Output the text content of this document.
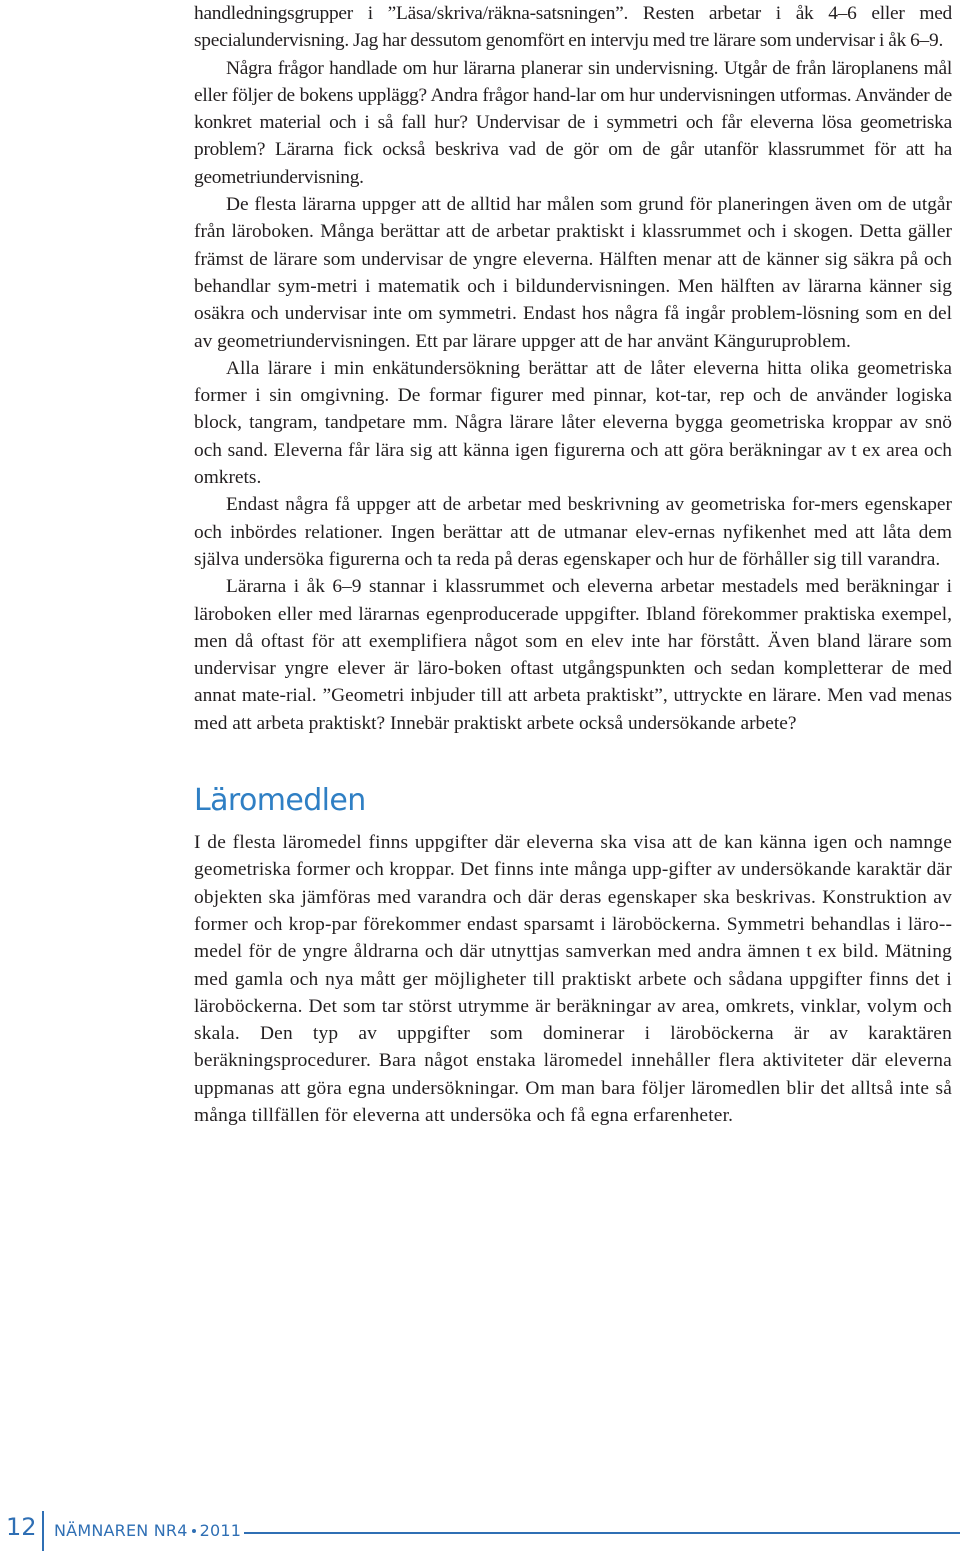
handledningsgrupper i ”Läsa/skriva/räkna-satsningen”. Resten arbetar i åk 4–6 eller med specialundervisning. Jag har dessutom genomfört en intervju med tre lärare som undervisar i åk 6–9.

Några frågor handlade om hur lärarna planerar sin undervisning. Utgår de från läroplanens mål eller följer de bokens upplägg? Andra frågor hand-lar om hur undervisningen utformas. Använder de konkret material och i så fall hur? Undervisar de i symmetri och får eleverna lösa geometriska problem? Lärarna fick också beskriva vad de gör om de går utanför klassrummet för att ha geometriundervisning.

De flesta lärarna uppger att de alltid har målen som grund för planeringen även om de utgår från läroboken. Många berättar att de arbetar praktiskt i klassrummet och i skogen. Detta gäller främst de lärare som undervisar de yngre eleverna. Hälften menar att de känner sig säkra på och behandlar sym-metri i matematik och i bildundervisningen. Men hälften av lärarna känner sig osäkra och undervisar inte om symmetri. Endast hos några få ingår problem-lösning som en del av geometriundervisningen. Ett par lärare uppger att de har använt Känguruproblem.

Alla lärare i min enkätundersökning berättar att de låter eleverna hitta olika geometriska former i sin omgivning. De formar figurer med pinnar, kot-tar, rep och de använder logiska block, tangram, tandpetare mm. Några lärare låter eleverna bygga geometriska kroppar av snö och sand. Eleverna får lära sig att känna igen figurerna och att göra beräkningar av t ex area och omkrets.

Endast några få uppger att de arbetar med beskrivning av geometriska for-mers egenskaper och inbördes relationer. Ingen berättar att de utmanar elev-ernas nyfikenhet med att låta dem själva undersöka figurerna och ta reda på deras egenskaper och hur de förhåller sig till varandra.

Lärarna i åk 6–9 stannar i klassrummet och eleverna arbetar mestadels med beräkningar i läroboken eller med lärarnas egenproducerade uppgifter. Ibland förekommer praktiska exempel, men då oftast för att exemplifiera något som en elev inte har förstått. Även bland lärare som undervisar yngre elever är läro-boken oftast utgångspunkten och sedan kompletterar de med annat mate-rial. ”Geometri inbjuder till att arbeta praktiskt”, uttryckte en lärare. Men vad menas med att arbeta praktiskt? Innebär praktiskt arbete också undersökande arbete?

Läromedlen

I de flesta läromedel finns uppgifter där eleverna ska visa att de kan känna igen och namnge geometriska former och kroppar. Det finns inte många upp-gifter av undersökande karaktär där objekten ska jämföras med varandra och där deras egenskaper ska beskrivas. Konstruktion av former och krop-par förekommer endast sparsamt i läroböckerna. Symmetri behandlas i läro-medel för de yngre åldrarna och där utnyttjas samverkan med andra ämnen t ex bild. Mätning med gamla och nya mått ger möjligheter till praktiskt arbete och sådana uppgifter finns det i läroböckerna. Det som tar störst utrymme är beräkningar av area, omkrets, vinklar, volym och skala. Den typ av uppgifter som dominerar i läroböckerna är av karaktären beräkningsprocedurer. Bara något enstaka läromedel innehåller flera aktiviteter där eleverna uppmanas att göra egna undersökningar. Om man bara följer läromedlen blir det alltså inte så många tillfällen för eleverna att undersöka och få egna erfarenheter.

12 NÄMNAREN NR4 2011
